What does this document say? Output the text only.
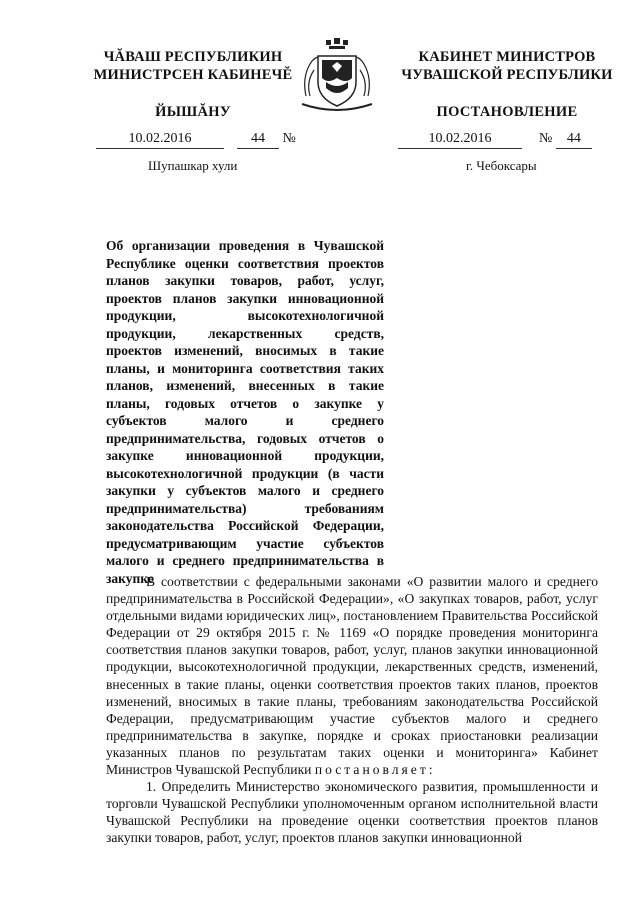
ЧĂВАШ РЕСПУБЛИКИН
МИНИСТРСЕН КАБИНЕЧĔ
ЙЫШĂНУ
КАБИНЕТ МИНИСТРОВ
ЧУВАШСКОЙ РЕСПУБЛИКИ
ПОСТАНОВЛЕНИЕ
10.02.2016	44 №	10.02.2016	№ 44
Шупашкар хули	г. Чебоксары
Об организации проведения в Чувашской Республике оценки соответствия проектов планов закупки товаров, работ, услуг, проектов планов закупки инновационной продукции, высокотехнологичной продукции, лекарственных средств, проектов изменений, вносимых в такие планы, и мониторинга соответствия таких планов, изменений, внесенных в такие планы, годовых отчетов о закупке у субъектов малого и среднего предпринимательства, годовых отчетов о закупке инновационной продукции, высокотехнологичной продукции (в части закупки у субъектов малого и среднего предпринимательства) требованиям законодательства Российской Федерации, предусматривающим участие субъектов малого и среднего предпринимательства в закупке

В соответствии с федеральными законами «О развитии малого и среднего предпринимательства в Российской Федерации», «О закупках товаров, работ, услуг отдельными видами юридических лиц», постановлением Правительства Российской Федерации от 29 октября 2015 г. № 1169 «О порядке проведения мониторинга соответствия планов закупки товаров, работ, услуг, планов закупки инновационной продукции, высокотехнологичной продукции, лекарственных средств, изменений, внесенных в такие планы, оценки соответствия проектов таких планов, проектов изменений, вносимых в такие планы, требованиям законодательства Российской Федерации, предусматривающим участие субъектов малого и среднего предпринимательства в закупке, порядке и сроках приостановки реализации указанных планов по результатам таких оценки и мониторинга» Кабинет Министров Чувашской Республики постановляет:

1. Определить Министерство экономического развития, промышленности и торговли Чувашской Республики уполномоченным органом исполнительной власти Чувашской Республики на проведение оценки соответствия проектов планов закупки товаров, работ, услуг, проектов планов закупки инновационной
